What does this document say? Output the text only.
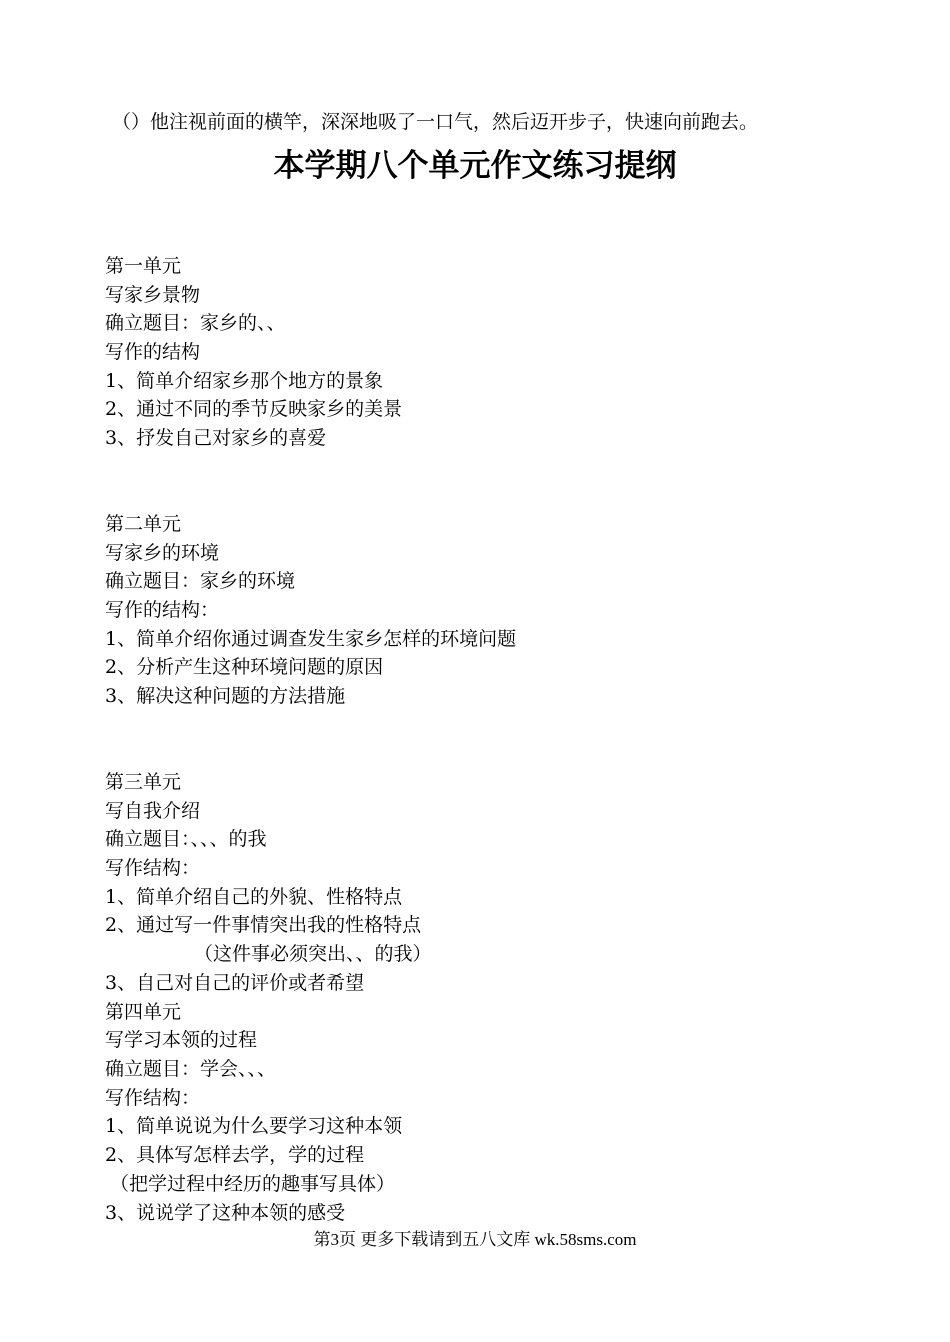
（）他注视前面的横竿，深深地吸了一口气，然后迈开步子，快速向前跑去。
本学期八个单元作文练习提纲
第一单元
写家乡景物
确立题目：家乡的、、
写作的结构
1、简单介绍家乡那个地方的景象
2、通过不同的季节反映家乡的美景
3、抒发自己对家乡的喜爱
第二单元
写家乡的环境
确立题目：家乡的环境
写作的结构：
1、简单介绍你通过调查发生家乡怎样的环境问题
2、分析产生这种环境问题的原因
3、解决这种问题的方法措施
第三单元
写自我介绍
确立题目：、、、的我
写作结构：
1、简单介绍自己的外貌、性格特点
2、通过写一件事情突出我的性格特点
（这件事必须突出、、的我）
3、自己对自己的评价或者希望
第四单元
写学习本领的过程
确立题目：学会、、、
写作结构：
1、简单说说为什么要学习这种本领
2、具体写怎样去学，学的过程
（把学过程中经历的趣事写具体）
3、说说学了这种本领的感受
第3页 更多下载请到五八文库 wk.58sms.com
